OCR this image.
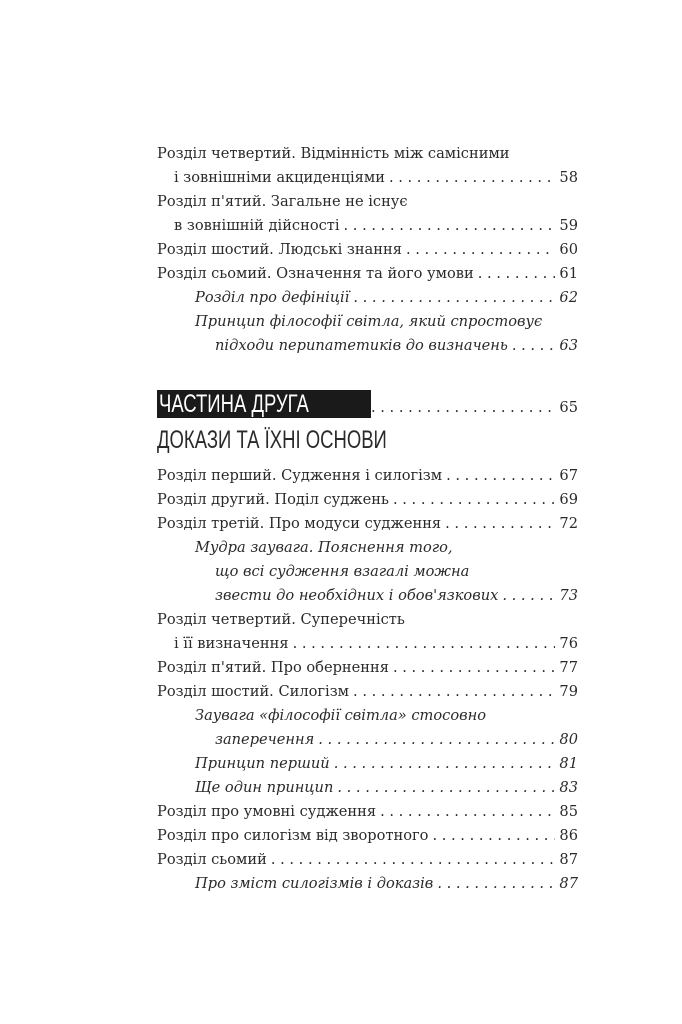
Розділ четвертий. Відмінність між самісними
і зовнішніми акциденціями . . .	58
Розділ п'ятий. Загальне не існує
в зовнішній дійсності . . .	59
Розділ шостий. Людські знання . . .	60
Розділ сьомий. Означення та його умови . . .	61
Розділ про дефініції . . .	62
Принцип філософії світла, який спростовує
підходи перипатетиків до визначень . . .	63
ЧАСТИНА ДРУГА . . .	65
ДОКАЗИ ТА ЇХНІ ОСНОВИ
Розділ перший. Судження і силогізм . . .	67
Розділ другий. Поділ суджень . . .	69
Розділ третій. Про модуси судження . . .	72
Мудра заувага. Пояснення того,
що всі судження взагалі можна
звести до необхідних і обов'язкових . . .	73
Розділ четвертий. Суперечність
і її визначення . . .	76
Розділ п'ятий. Про обернення . . .	77
Розділ шостий. Силогізм . . .	79
Заувага «філософії світла» стосовно
заперечення . . .	80
Принцип перший . . .	81
Ще один принцип . . .	83
Розділ про умовні судження . . .	85
Розділ про силогізм від зворотного . . .	86
Розділ сьомий . . .	87
Про зміст силогізмів і доказів . . .	87
